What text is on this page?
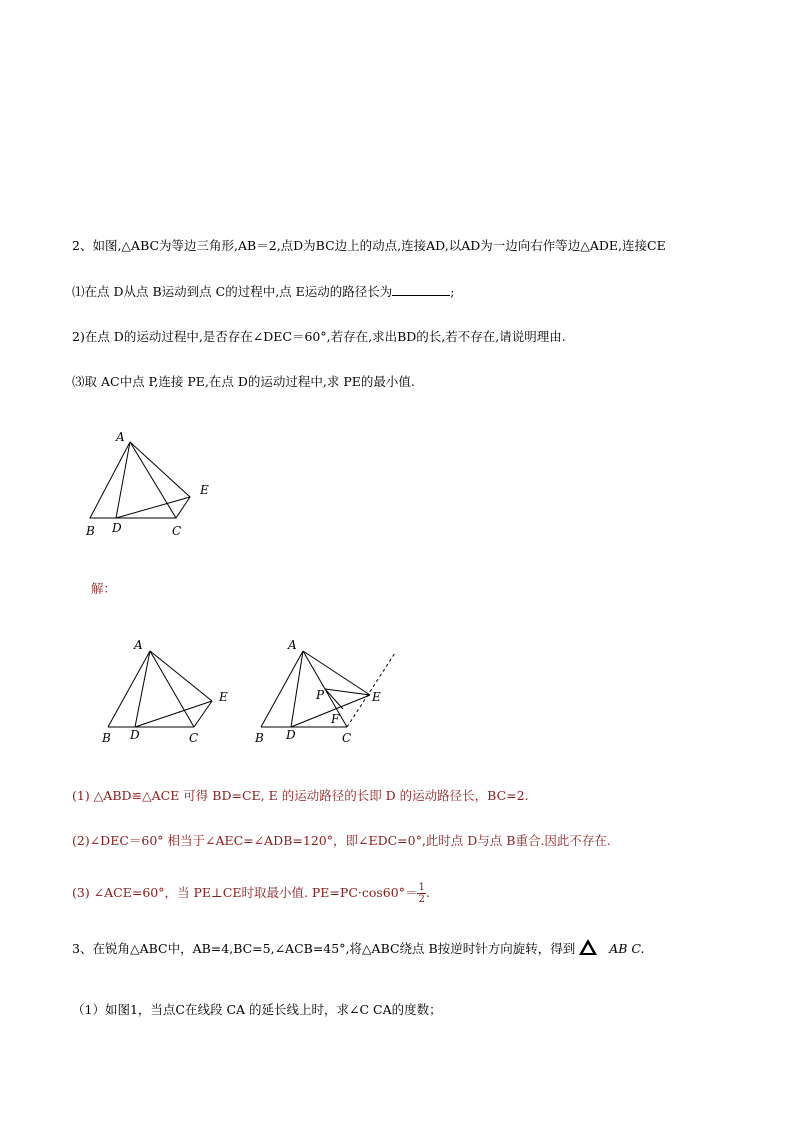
2、如图,△ABC为等边三角形,AB＝2,点D为BC边上的动点,连接AD,以AD为一边向右作等边△ADE,连接CE
⑴在点 D从点 B运动到点 C的过程中,点 E运动的路径长为	;
2)在点 D的运动过程中,是否存在∠DEC＝60°,若存在,求出BD的长,若不存在,请说明理由.
⑶取 AC中点 P,连接 PE,在点 D的运动过程中,求 PE的最小值.
A
B D	C
E
解：
A
B D	C
E
A
B D	C
E
P
F
(1) △ABD≌△ACE 可得 BD=CE, E 的运动路径的长即 D 的运动路径长，BC=2.
(2)∠DEC＝60° 相当于∠AEC=∠ADB=120°，即∠EDC=0°,此时点 D与点 B重合.因此不存在.
(3) ∠ACE=60°，当 PE⊥CE时取最小值. $PE=PC\cdot\cos 60^\circ= \frac{1}{2}$ .
3、在锐角△ABC中，AB=4,BC=5,∠ACB=45°,将△ABC绕点 B按逆时针方向旋转，得到	AB C.
（1）如图1，当点C在线段 CA 的延长线上时，求∠C CA的度数；
